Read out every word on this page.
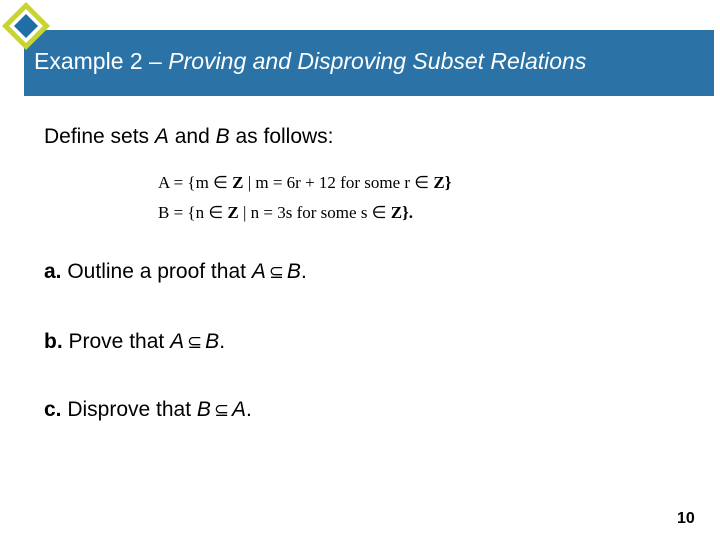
Example 2 – Proving and Disproving Subset Relations
Define sets A and B as follows:
A = {m ∈ Z | m = 6r + 12 for some r ∈ Z}
B = {n ∈ Z | n = 3s for some s ∈ Z}.
a. Outline a proof that A ⊆ B.
b. Prove that A ⊆ B.
c. Disprove that B ⊆ A.
10
